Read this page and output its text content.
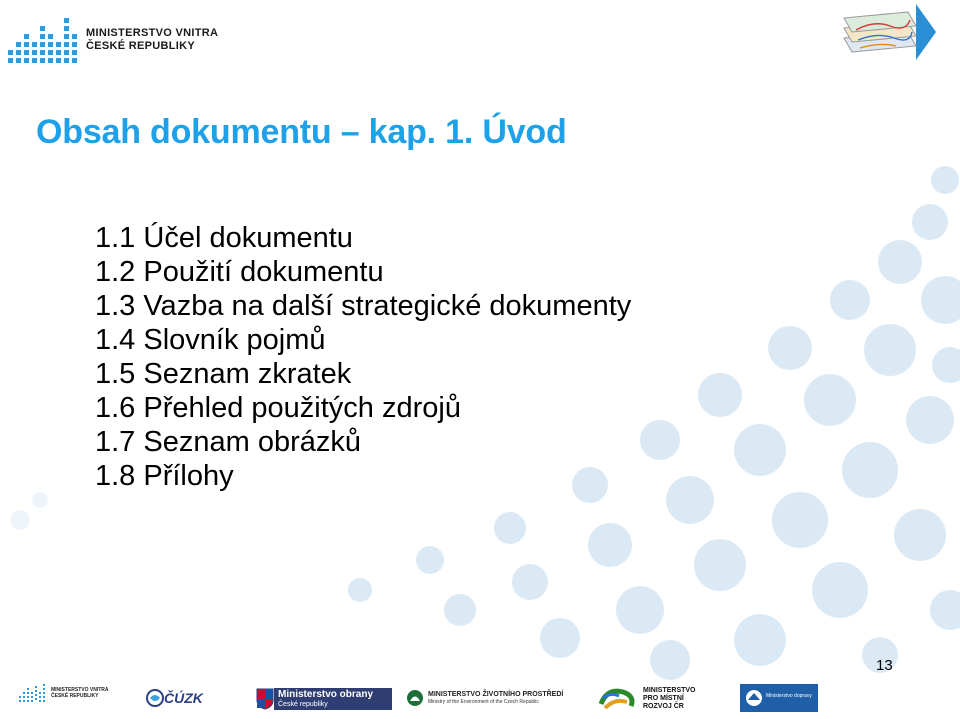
MINISTERSTVO VNITRA
ČESKÉ REPUBLIKY
Obsah dokumentu – kap. 1. Úvod
1.1 Účel dokumentu
1.2 Použití dokumentu
1.3 Vazba na další strategické dokumenty
1.4 Slovník pojmů
1.5 Seznam zkratek
1.6 Přehled použitých zdrojů
1.7 Seznam obrázků
1.8 Přílohy
13
MINISTERSTVO VNITRA
ČESKÉ REPUBLIKY	ČÚZK	Ministerstvo obrany
České republiky
MINISTERSTVO ŽIVOTNÍHO PROSTŘEDÍ
Ministry of the Environment of the Czech Republic
MINISTERSTVO
PRO MÍSTNÍ
ROZVOJ ČR
Ministerstvo dopravy
